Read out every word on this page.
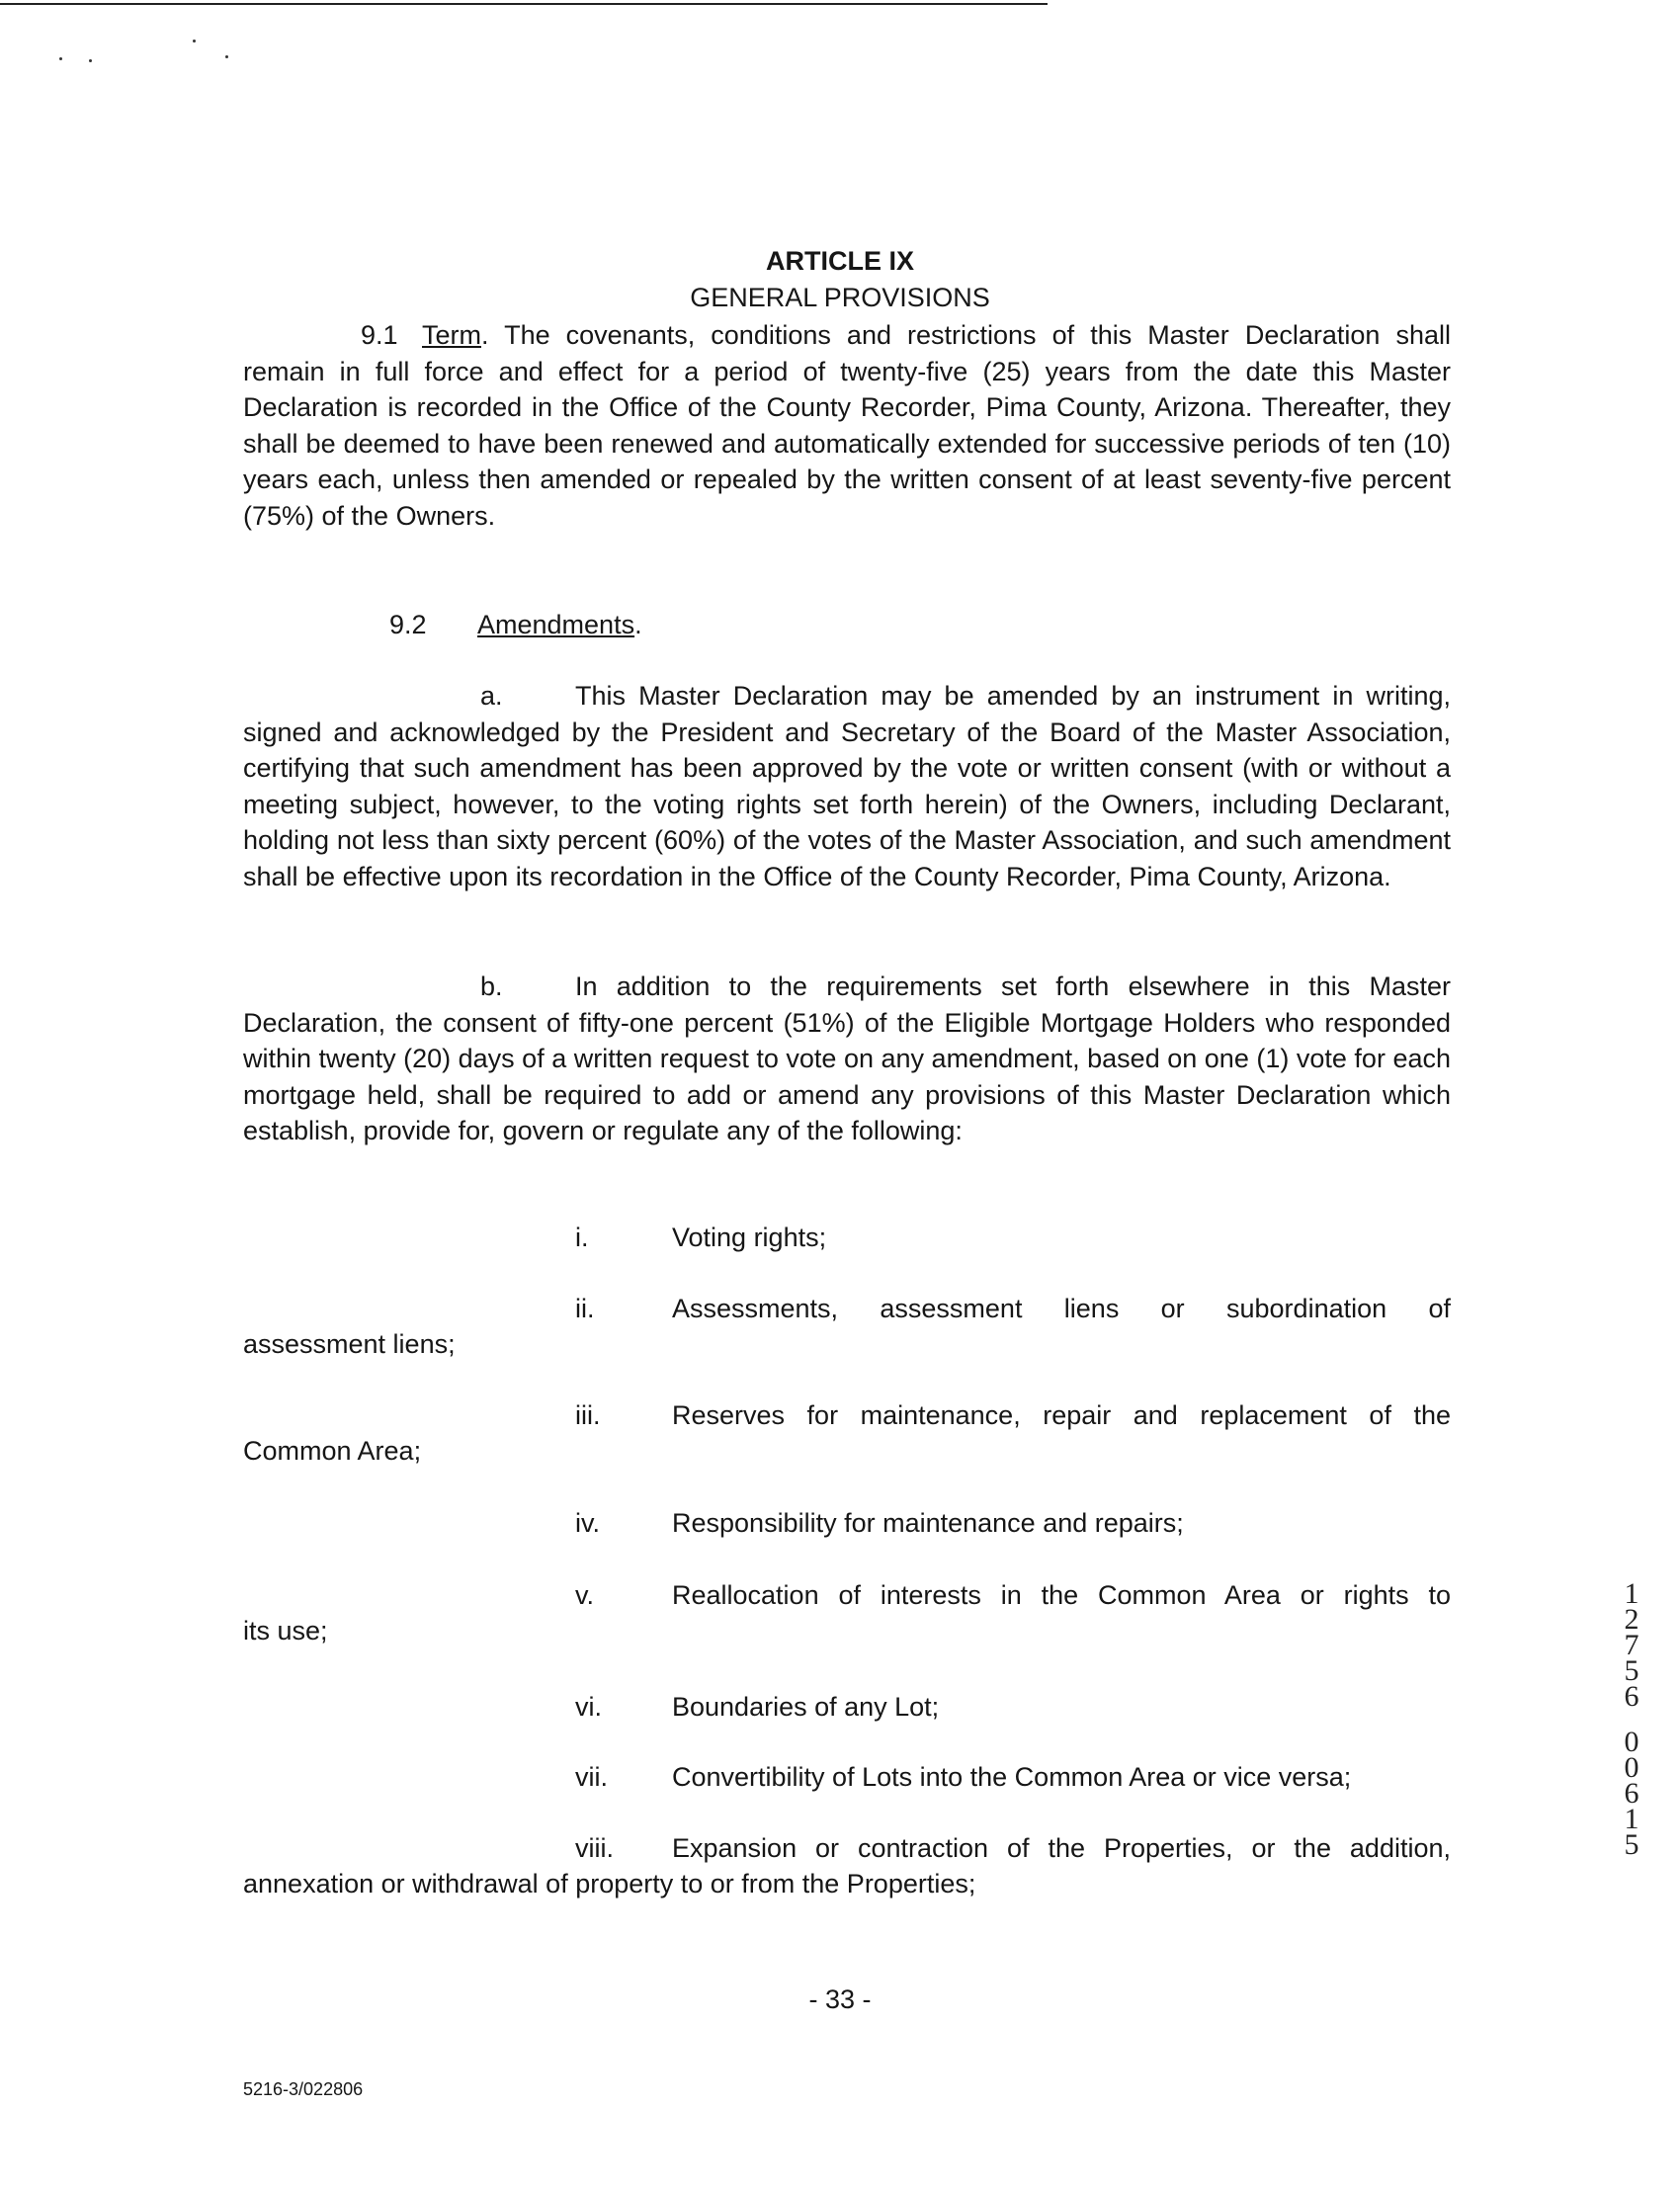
ARTICLE IX
GENERAL PROVISIONS

9.1 Term. The covenants, conditions and restrictions of this Master Declaration shall remain in full force and effect for a period of twenty-five (25) years from the date this Master Declaration is recorded in the Office of the County Recorder, Pima County, Arizona. Thereafter, they shall be deemed to have been renewed and automatically extended for successive periods of ten (10) years each, unless then amended or repealed by the written consent of at least seventy-five percent (75%) of the Owners.

9.2 Amendments.

a.	This Master Declaration may be amended by an instrument in writing, signed and acknowledged by the President and Secretary of the Board of the Master Association, certifying that such amendment has been approved by the vote or written consent (with or without a meeting subject, however, to the voting rights set forth herein) of the Owners, including Declarant, holding not less than sixty percent (60%) of the votes of the Master Association, and such amendment shall be effective upon its recordation in the Office of the County Recorder, Pima County, Arizona.

b.	In addition to the requirements set forth elsewhere in this Master Declaration, the consent of fifty-one percent (51%) of the Eligible Mortgage Holders who responded within twenty (20) days of a written request to vote on any amendment, based on one (1) vote for each mortgage held, shall be required to add or amend any provisions of this Master Declaration which establish, provide for, govern or regulate any of the following:

i.	Voting rights;
ii.	Assessments, assessment liens or subordination of
assessment liens;
iii.	Reserves for maintenance, repair and replacement of the
Common Area;
iv.	Responsibility for maintenance and repairs;
v.	Reallocation of interests in the Common Area or rights to
its use;
vi.	Boundaries of any Lot;
vii. Convertibility of Lots into the Common Area or vice versa;
viii. Expansion or contraction of the Properties, or the addition,
annexation or withdrawal of property to or from the Properties;
- 33 -
5216-3/022806
1
2
7
5
6
0
0
6
1
5
